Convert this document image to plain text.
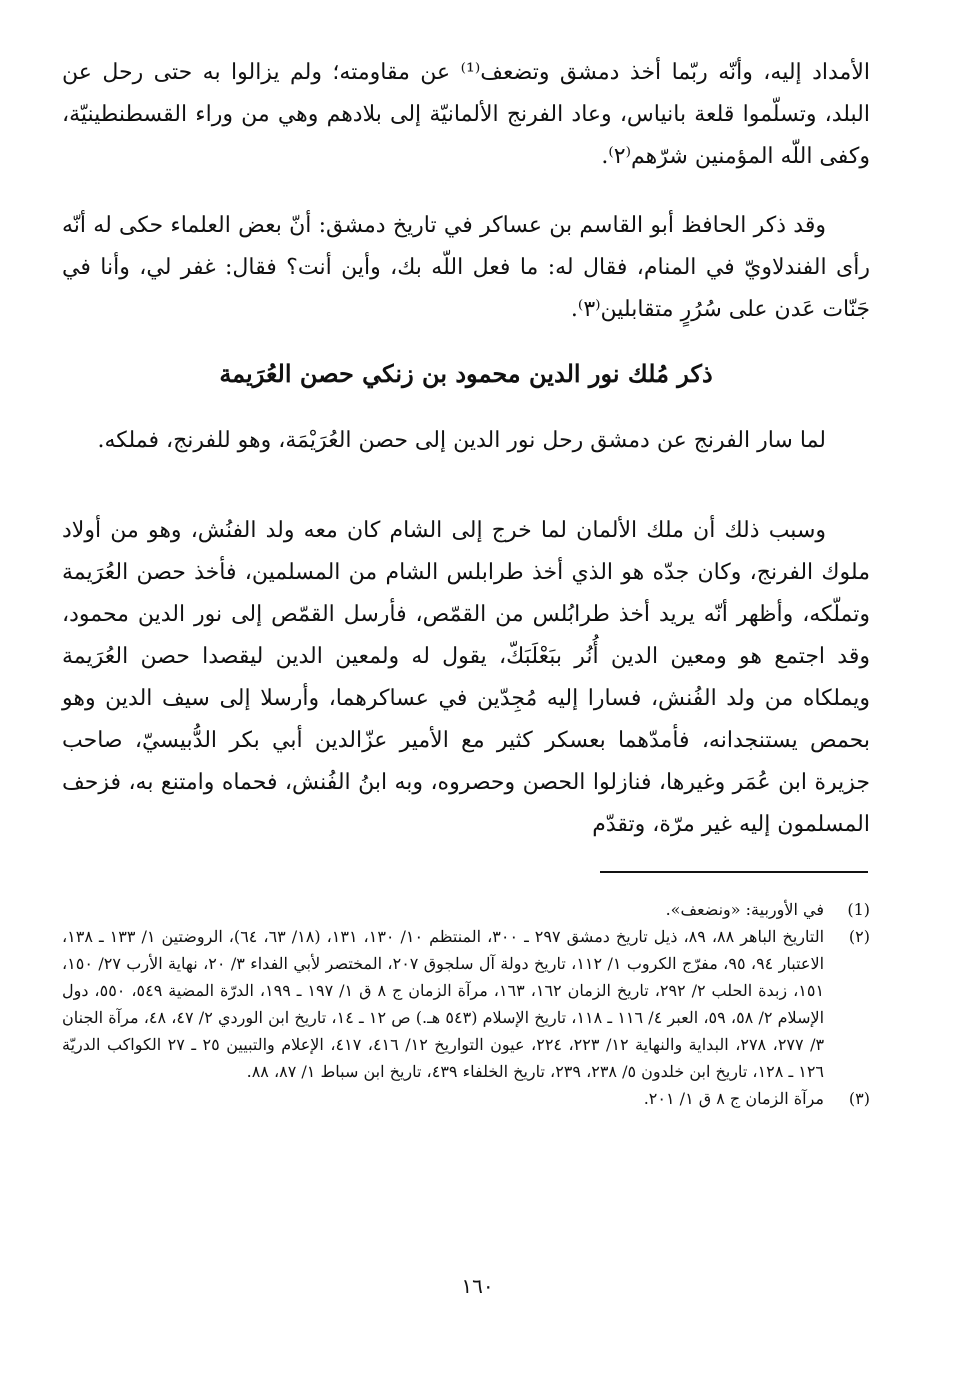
الأمداد إليه، وأنّه ربّما أخذ دمشق وتضعف⁽¹⁾ عن مقاومته؛ ولم يزالوا به حتى رحل عن البلد، وتسلّموا قلعة بانياس، وعاد الفرنج الألمانيّة إلى بلادهم وهي من وراء القسطنطينيّة، وكفى اللّه المؤمنين شرّهم⁽٢⁾.

وقد ذكر الحافظ أبو القاسم بن عساكر في تاريخ دمشق: أنّ بعض العلماء حكى له أنّه رأى الفندلاويّ في المنام، فقال له: ما فعل اللّه بك، وأين أنت؟ فقال: غفر لي، وأنا في جَنّات عَدن على سُرُرٍ متقابلين⁽٣⁾.

ذكر مُلك نور الدين محمود بن زنكي حصن العُرَيمة

لما سار الفرنج عن دمشق رحل نور الدين إلى حصن العُرَيْمَة، وهو للفرنج، فملكه.

وسبب ذلك أن ملك الألمان لما خرج إلى الشام كان معه ولد الفنُش، وهو من أولاد ملوك الفرنج، وكان جدّه هو الذي أخذ طرابلس الشام من المسلمين، فأخذ حصن العُرَيمة وتملّكه، وأظهر أنّه يريد أخذ طرابُلس من القمّص، فأرسل القمّص إلى نور الدين محمود، وقد اجتمع هو ومعين الدين أُنُر ببَعْلَبَكّ، يقول له ولمعين الدين ليقصدا حصن العُرَيمة ويملكاه من ولد الفُنش، فسارا إليه مُجِدّين في عساكرهما، وأرسلا إلى سيف الدين وهو بحمص يستنجدانه، فأمدّهما بعسكر كثير مع الأمير عزّالدين أبي بكر الدُّبيسيّ، صاحب جزيرة ابن عُمَر وغيرها، فنازلوا الحصن وحصروه، وبه ابنُ الفُنش، فحماه وامتنع به، فزحف المسلمون إليه غير مرّة، وتقدّم

(1)
في الأوربية: «ونضعف».
(٢)
التاريخ الباهر ٨٨، ٨٩، ذيل تاريخ دمشق ٢٩٧ ـ ٣٠٠، المنتظم ١٠/ ١٣٠، ١٣١، (١٨/ ٦٣، ٦٤)، الروضتين ١/ ١٣٣ ـ ١٣٨، الاعتبار ٩٤، ٩٥، مفرّج الكروب ١/ ١١٢، تاريخ دولة آل سلجوق ٢٠٧، المختصر لأبي الفداء ٣/ ٢٠، نهاية الأرب ٢٧/ ١٥٠، ١٥١، زبدة الحلب ٢/ ٢٩٢، تاريخ الزمان ١٦٢، ١٦٣، مرآة الزمان ج ٨ ق ١/ ١٩٧ ـ ١٩٩، الدرّة المضية ٥٤٩، ٥٥٠، دول الإسلام ٢/ ٥٨، ٥٩، العبر ٤/ ١١٦ ـ ١١٨، تاريخ الإسلام (٥٤٣ هـ.) ص ١٢ ـ ١٤، تاريخ ابن الوردي ٢/ ٤٧، ٤٨، مرآة الجنان ٣/ ٢٧٧، ٢٧٨، البداية والنهاية ١٢/ ٢٢٣، ٢٢٤، عيون التواريخ ١٢/ ٤١٦، ٤١٧، الإعلام والتبيين ٢٥ ـ ٢٧ الكواكب الدريّة ١٢٦ ـ ١٢٨، تاريخ ابن خلدون ٥/ ٢٣٨، ٢٣٩، تاريخ الخلفاء ٤٣٩، تاريخ ابن سباط ١/ ٨٧، ٨٨.
(٣)
مرآة الزمان ج ٨ ق ١/ ٢٠١.
١٦٠
